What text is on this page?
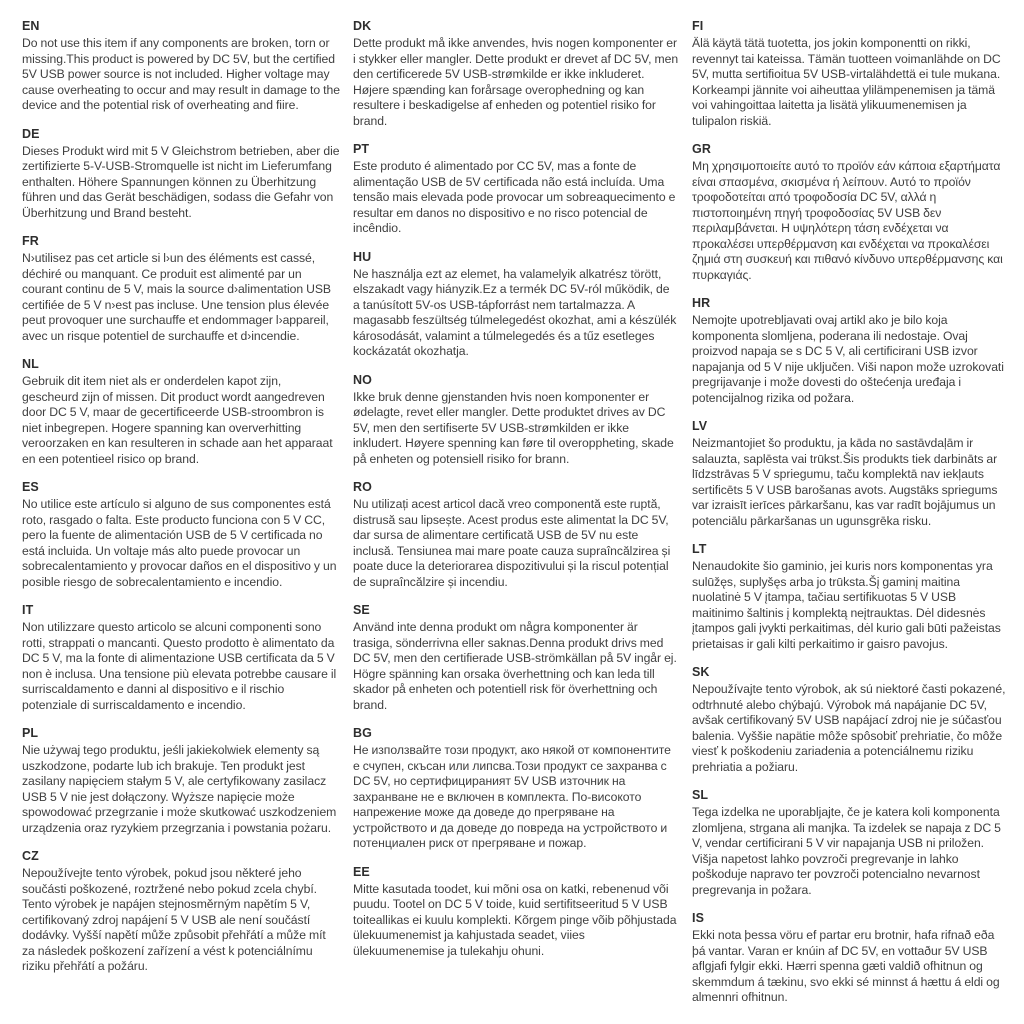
EN

Do not use this item if any components are broken, torn or missing.This product is powered by DC 5V, but the certified 5V USB power source is not included. Higher voltage may cause overheating to occur and may result in damage to the device and the potential risk of overheating and fiire.

DE

Dieses Produkt wird mit 5 V Gleichstrom betrieben, aber die zertifizierte 5-V-USB-Stromquelle ist nicht im Lieferumfang enthalten. Höhere Spannungen können zu Überhitzung führen und das Gerät beschädigen, sodass die Gefahr von Überhitzung und Brand besteht.

FR

N›utilisez pas cet article si l›un des éléments est cassé, déchiré ou manquant. Ce produit est alimenté par un courant continu de 5 V, mais la source d›alimentation USB certifiée de 5 V n›est pas incluse. Une tension plus élevée peut provoquer une surchauffe et endommager l›appareil, avec un risque potentiel de surchauffe et d›incendie.

NL

Gebruik dit item niet als er onderdelen kapot zijn, gescheurd zijn of missen. Dit product wordt aangedreven door DC 5 V, maar de gecertificeerde USB-stroombron is niet inbegrepen. Hogere spanning kan oververhitting veroorzaken en kan resulteren in schade aan het apparaat en een potentieel risico op brand.

ES

No utilice este artículo si alguno de sus componentes está roto, rasgado o falta. Este producto funciona con 5 V CC, pero la fuente de alimentación USB de 5 V certificada no está incluida. Un voltaje más alto puede provocar un sobrecalentamiento y provocar daños en el dispositivo y un posible riesgo de sobrecalentamiento e incendio.

IT

Non utilizzare questo articolo se alcuni componenti sono rotti, strappati o mancanti. Questo prodotto è alimentato da DC 5 V, ma la fonte di alimentazione USB certificata da 5 V non è inclusa. Una tensione più elevata potrebbe causare il surriscaldamento e danni al dispositivo e il rischio potenziale di surriscaldamento e incendio.

PL

Nie używaj tego produktu, jeśli jakiekolwiek elementy są uszkodzone, podarte lub ich brakuje. Ten produkt jest zasilany napięciem stałym 5 V, ale certyfikowany zasilacz USB 5 V nie jest dołączony. Wyższe napięcie może spowodować przegrzanie i może skutkować uszkodzeniem urządzenia oraz ryzykiem przegrzania i powstania pożaru.

CZ

Nepoužívejte tento výrobek, pokud jsou některé jeho součásti poškozené, roztržené nebo pokud zcela chybí. Tento výrobek je napájen stejnosměrným napětím 5 V, certifikovaný zdroj napájení 5 V USB ale není součástí dodávky. Vyšší napětí může způsobit přehřátí a může mít za následek poškození zařízení a vést k potenciálnímu riziku přehřátí a požáru.

DK

Dette produkt må ikke anvendes, hvis nogen komponenter er i stykker eller mangler. Dette produkt er drevet af DC 5V, men den certificerede 5V USB-strømkilde er ikke inkluderet. Højere spænding kan forårsage overophedning og kan resultere i beskadigelse af enheden og potentiel risiko for brand.

PT

Este produto é alimentado por CC 5V, mas a fonte de alimentação USB de 5V certificada não está incluída. Uma tensão mais elevada pode provocar um sobreaquecimento e resultar em danos no dispositivo e no risco potencial de incêndio.

HU

Ne használja ezt az elemet, ha valamelyik alkatrész törött, elszakadt vagy hiányzik.Ez a termék DC 5V-ról működik, de a tanúsított 5V-os USB-tápforrást nem tartalmazza. A magasabb feszültség túlmelegedést okozhat, ami a készülék károsodását, valamint a túlmelegedés és a tűz esetleges kockázatát okozhatja.

NO

Ikke bruk denne gjenstanden hvis noen komponenter er ødelagte, revet eller mangler. Dette produktet drives av DC 5V, men den sertifiserte 5V USB-strømkilden er ikke inkludert. Høyere spenning kan føre til overoppheting, skade på enheten og potensiell risiko for brann.

RO

Nu utilizați acest articol dacă vreo componentă este ruptă, distrusă sau lipsește. Acest produs este alimentat la DC 5V, dar sursa de alimentare certificată USB de 5V nu este inclusă. Tensiunea mai mare poate cauza supraîncălzirea și poate duce la deteriorarea dispozitivului și la riscul potențial de supraîncălzire și incendiu.

SE

Använd inte denna produkt om några komponenter är trasiga, sönderrivna eller saknas.Denna produkt drivs med DC 5V, men den certifierade USB-strömkällan på 5V ingår ej. Högre spänning kan orsaka överhettning och kan leda till skador på enheten och potentiell risk för överhettning och brand.

BG

Не използвайте този продукт, ако някой от компонентите е счупен, скъсан или липсва.Този продукт се захранва с DC 5V, но сертифицираният 5V USB източник на захранване не е включен в комплекта. По-високото напрежение може да доведе до прегряване на устройството и да доведе до повреда на устройството и потенциален риск от прегряване и пожар.

EE

Mitte kasutada toodet, kui mõni osa on katki, rebenenud või puudu. Tootel on DC 5 V toide, kuid sertifitseeritud 5 V USB toiteallikas ei kuulu komplekti. Kõrgem pinge võib põhjustada ülekuumenemist ja kahjustada seadet, viies ülekuumenemise ja tulekahju ohuni.

FI

Älä käytä tätä tuotetta, jos jokin komponentti on rikki, revennyt tai kateissa. Tämän tuotteen voimanlähde on DC 5V, mutta sertifioitua 5V USB-virtalähdettä ei tule mukana. Korkeampi jännite voi aiheuttaa ylilämpenemisen ja tämä voi vahingoittaa laitetta ja lisätä ylikuumenemisen ja tulipalon riskiä.

GR

Μη χρησιμοποιείτε αυτό το προϊόν εάν κάποια εξαρτήματα είναι σπασμένα, σκισμένα ή λείπουν. Αυτό το προϊόν τροφοδοτείται από τροφοδοσία DC 5V, αλλά η πιστοποιημένη πηγή τροφοδοσίας 5V USB δεν περιλαμβάνεται. Η υψηλότερη τάση ενδέχεται να προκαλέσει υπερθέρμανση και ενδέχεται να προκαλέσει ζημιά στη συσκευή και πιθανό κίνδυνο υπερθέρμανσης και πυρκαγιάς.

HR

Nemojte upotrebljavati ovaj artikl ako je bilo koja komponenta slomljena, poderana ili nedostaje. Ovaj proizvod napaja se s DC 5 V, ali certificirani USB izvor napajanja od 5 V nije uključen. Viši napon može uzrokovati pregrijavanje i može dovesti do oštećenja uređaja i potencijalnog rizika od požara.

LV

Neizmantojiet šo produktu, ja kāda no sastāvdaļām ir salauzta, saplēsta vai trūkst.Šis produkts tiek darbināts ar līdzstrāvas 5 V spriegumu, taču komplektā nav iekļauts sertificēts 5 V USB barošanas avots. Augstāks spriegums var izraisīt ierīces pārkaršanu, kas var radīt bojājumus un potenciālu pārkaršanas un ugunsgrēka risku.

LT

Nenaudokite šio gaminio, jei kuris nors komponentas yra sulūžęs, suplyšęs arba jo trūksta.Šį gaminį maitina nuolatinė 5 V įtampa, tačiau sertifikuotas 5 V USB maitinimo šaltinis į komplektą neįtrauktas. Dėl didesnės įtampos gali įvykti perkaitimas, dėl kurio gali būti pažeistas prietaisas ir gali kilti perkaitimo ir gaisro pavojus.

SK

Nepoužívajte tento výrobok, ak sú niektoré časti pokazené, odtrhnuté alebo chýbajú. Výrobok má napájanie DC 5V, avšak certifikovaný 5V USB napájací zdroj nie je súčasťou balenia. Vyššie napätie môže spôsobiť prehriatie, čo môže viesť k poškodeniu zariadenia a potenciálnemu riziku prehriatia a požiaru.

SL

Tega izdelka ne uporabljajte, če je katera koli komponenta zlomljena, strgana ali manjka. Ta izdelek se napaja z DC 5 V, vendar certificirani 5 V vir napajanja USB ni priložen. Višja napetost lahko povzroči pregrevanje in lahko poškoduje napravo ter povzroči potencialno nevarnost pregrevanja in požara.

IS

Ekki nota þessa vöru ef partar eru brotnir, hafa rifnað eða þá vantar. Varan er knúin af DC 5V, en vottaður 5V USB aflgjafi fylgir ekki. Hærri spenna gæti valdið ofhitnun og skemmdum á tækinu, svo ekki sé minnst á hættu á eldi og almennri ofhitnun.
